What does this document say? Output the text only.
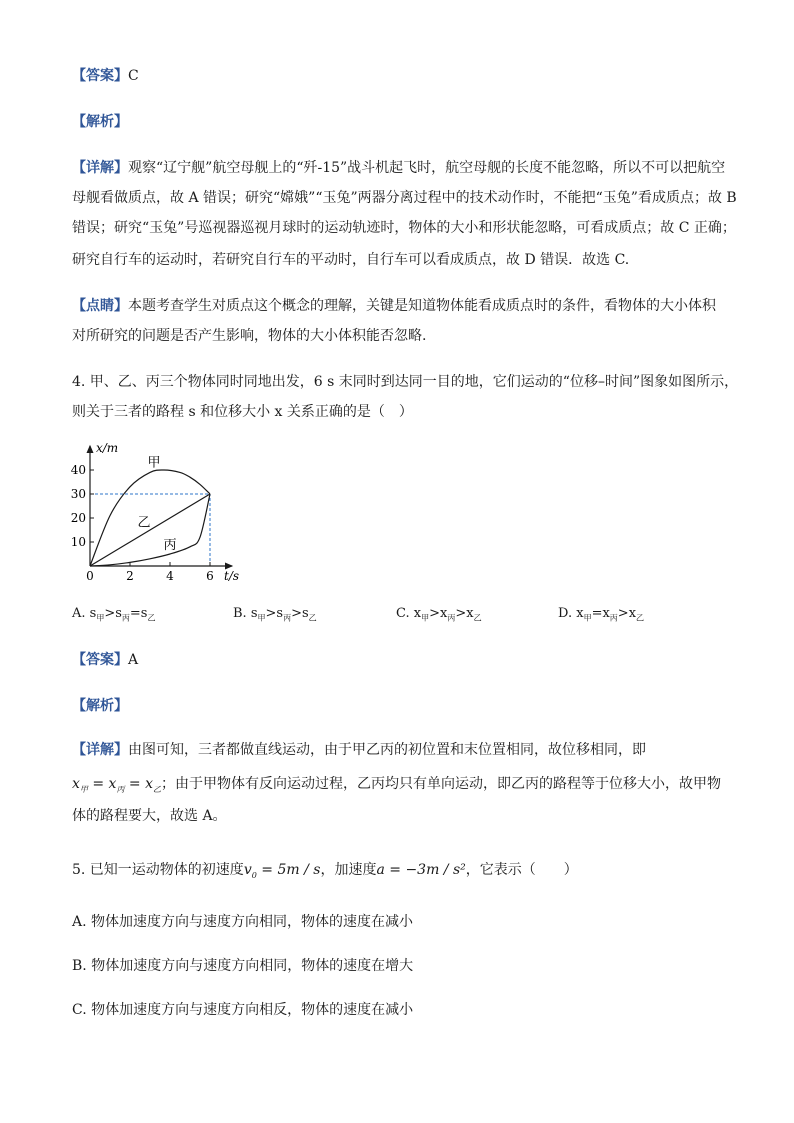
【答案】C
【解析】
【详解】观察“辽宁舰”航空母舰上的“歼-15”战斗机起飞时，航空母舰的长度不能忽略，所以不可以把航空
母舰看做质点，故 A 错误；研究“嫦娥”“玉兔”两器分离过程中的技术动作时，不能把“玉兔”看成质点；故 B
错误；研究“玉兔”号巡视器巡视月球时的运动轨迹时，物体的大小和形状能忽略，可看成质点；故 C 正确；
研究自行车的运动时，若研究自行车的平动时，自行车可以看成质点，故 D 错误．故选 C.
【点睛】本题考查学生对质点这个概念的理解，关键是知道物体能看成质点时的条件，看物体的大小体积
对所研究的问题是否产生影响，物体的大小体积能否忽略.
4. 甲、乙、丙三个物体同时同地出发，6 s 末同时到达同一目的地，它们运动的“位移–时间”图象如图所示，
则关于三者的路程 s 和位移大小 x 关系正确的是（　）
10
20
30
40
0	2	4	6
x/m
t/s
甲
乙
丙
A. $s_甲>s_丙=s_乙$	B. $s_甲>s_丙>s_乙$	C. $x_甲>x_丙>x_乙$	D. $x_甲=x_丙>x_乙$
【答案】A
【解析】
【详解】由图可知，三者都做直线运动，由于甲乙丙的初位置和末位置相同，故位移相同，即
$x_甲 = x_丙 = x_乙$；由于甲物体有反向运动过程，乙丙均只有单向运动，即乙丙的路程等于位移大小，故甲物
体的路程要大，故选 A。
5. 已知一运动物体的初速度$v_0 = 5m / s$，加速度a = −3m / s²，它表示（　　）
A. 物体加速度方向与速度方向相同，物体的速度在减小
B. 物体加速度方向与速度方向相同，物体的速度在增大
C. 物体加速度方向与速度方向相反，物体的速度在减小
